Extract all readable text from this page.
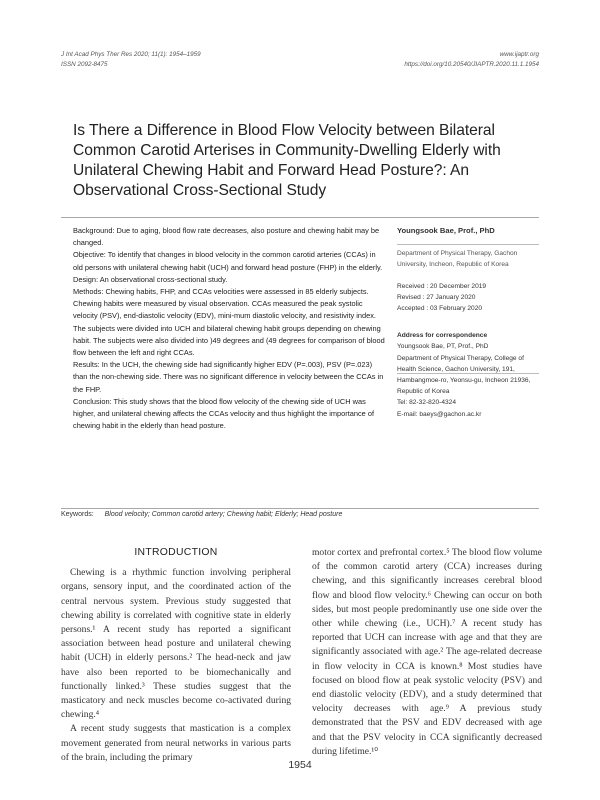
J Int Acad Phys Ther Res 2020; 11(1): 1954–1959
ISSN 2092-8475
www.ijaptr.org
https://doi.org/10.20540/JIAPTR.2020.11.1.1954
Is There a Difference in Blood Flow Velocity between Bilateral Common Carotid Arterises in Community-Dwelling Elderly with Unilateral Chewing Habit and Forward Head Posture?: An Observational Cross-Sectional Study

Background: Due to aging, blood flow rate decreases, also posture and chewing habit may be changed.

Objective: To identify that changes in blood velocity in the common carotid arteries (CCAs) in old persons with unilateral chewing habit (UCH) and forward head posture (FHP) in the elderly.

Design: An observational cross-sectional study.

Methods: Chewing habits, FHP, and CCAs velocities were assessed in 85 elderly subjects. Chewing habits were measured by visual observation. CCAs measured the peak systolic velocity (PSV), end-diastolic velocity (EDV), mini-mum diastolic velocity, and resistivity index. The subjects were divided into UCH and bilateral chewing habit groups depending on chewing habit. The subjects were also divided into )49 degrees and (49 degrees for comparison of blood flow between the left and right CCAs.

Results: In the UCH, the chewing side had significantly higher EDV (P=.003), PSV (P=.023) than the non-chewing side. There was no significant difference in velocity between the CCAs in the FHP.

Conclusion: This study shows that the blood flow velocity of the chewing side of UCH was higher, and unilateral chewing affects the CCAs velocity and thus highlight the importance of chewing habit in the elderly than head posture.

Youngsook Bae, Prof., PhD
Department of Physical Therapy, Gachon University, Incheon, Republic of Korea
Received : 20 December 2019
Revised : 27 January 2020
Accepted : 03 February 2020
Address for correspondence
Youngsook Bae, PT, Prof., PhD
Department of Physical Therapy, College of Health Science, Gachon University, 191, Hambangmoe-ro, Yeonsu-gu, Incheon 21936, Republic of Korea
Tel: 82-32-820-4324
E-mail: baeys@gachon.ac.kr
Keywords: Blood velocity; Common carotid artery; Chewing habit; Elderly; Head posture
INTRODUCTION

Chewing is a rhythmic function involving peripheral organs, sensory input, and the coordinated action of the central nervous system. Previous study suggested that chewing ability is correlated with cognitive state in elderly persons.¹ A recent study has reported a significant association between head posture and unilateral chewing habit (UCH) in elderly persons.² The head-neck and jaw have also been reported to be biomechanically and functionally linked.³ These studies suggest that the masticatory and neck muscles become co-activated during chewing.⁴

A recent study suggests that mastication is a complex movement generated from neural networks in various parts of the brain, including the primary

motor cortex and prefrontal cortex.⁵ The blood flow volume of the common carotid artery (CCA) increases during chewing, and this significantly increases cerebral blood flow and blood flow velocity.⁶ Chewing can occur on both sides, but most people predominantly use one side over the other while chewing (i.e., UCH).⁷ A recent study has reported that UCH can increase with age and that they are significantly associated with age.² The age-related decrease in flow velocity in CCA is known.⁸ Most studies have focused on blood flow at peak systolic velocity (PSV) and end diastolic velocity (EDV), and a study determined that velocity decreases with age.⁹ A previous study demonstrated that the PSV and EDV decreased with age and that the PSV velocity in CCA significantly decreased during lifetime.¹⁰

1954
